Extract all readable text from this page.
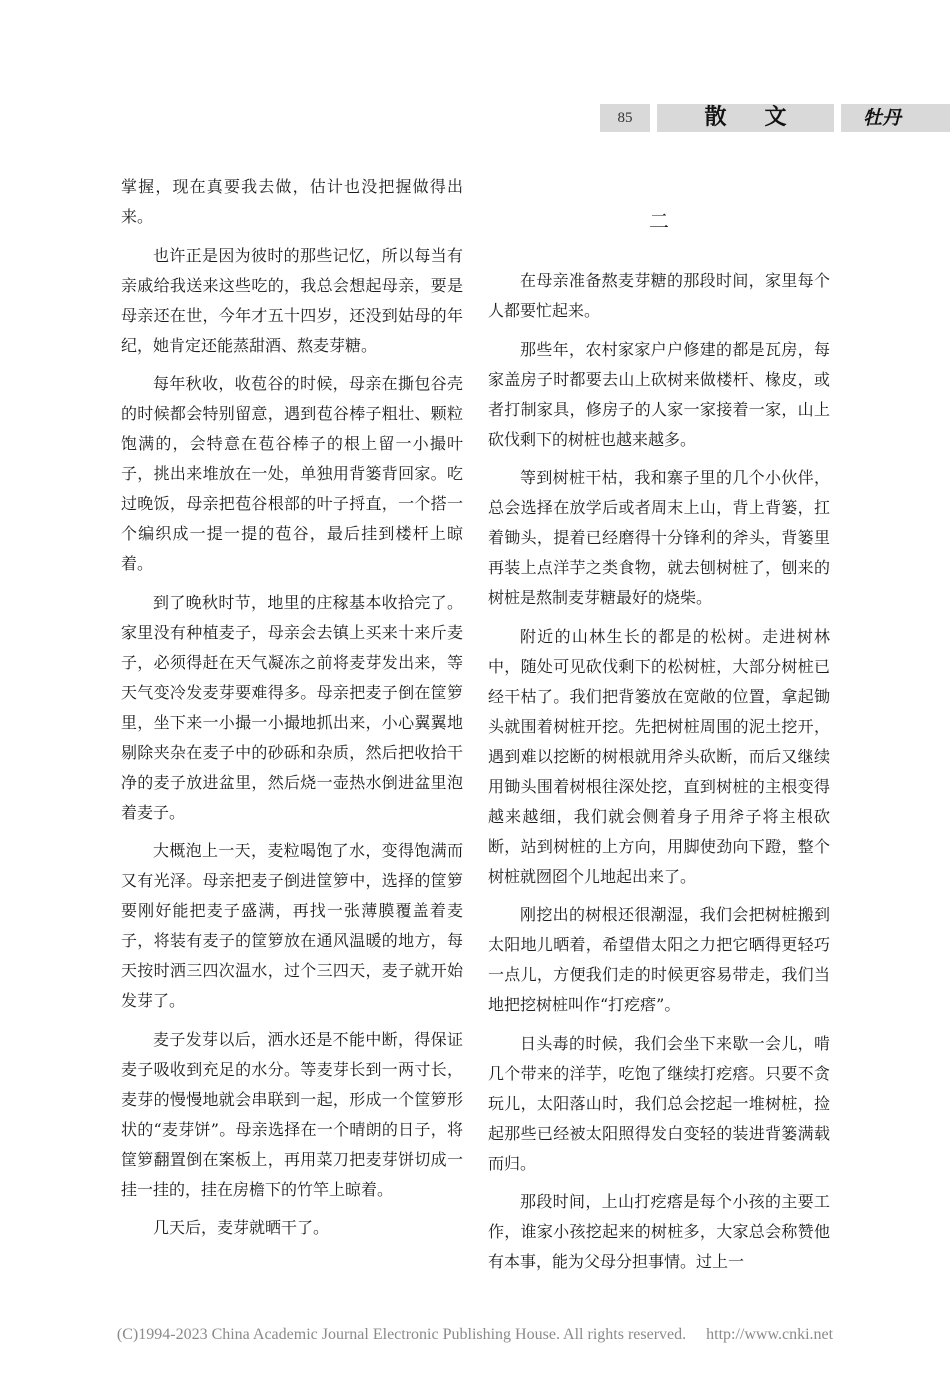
85	散文	牡丹

掌握，现在真要我去做，估计也没把握做得出来。

也许正是因为彼时的那些记忆，所以每当有亲戚给我送来这些吃的，我总会想起母亲，要是母亲还在世，今年才五十四岁，还没到姑母的年纪，她肯定还能蒸甜酒、熬麦芽糖。

每年秋收，收苞谷的时候，母亲在撕包谷壳的时候都会特别留意，遇到苞谷棒子粗壮、颗粒饱满的，会特意在苞谷棒子的根上留一小撮叶子，挑出来堆放在一处，单独用背篓背回家。吃过晚饭，母亲把苞谷根部的叶子捋直，一个搭一个编织成一提一提的苞谷，最后挂到楼杆上晾着。

到了晚秋时节，地里的庄稼基本收拾完了。家里没有种植麦子，母亲会去镇上买来十来斤麦子，必须得赶在天气凝冻之前将麦芽发出来，等天气变冷发麦芽要难得多。母亲把麦子倒在筐箩里，坐下来一小撮一小撮地抓出来，小心翼翼地剔除夹杂在麦子中的砂砾和杂质，然后把收拾干净的麦子放进盆里，然后烧一壶热水倒进盆里泡着麦子。

大概泡上一天，麦粒喝饱了水，变得饱满而又有光泽。母亲把麦子倒进筐箩中，选择的筐箩要刚好能把麦子盛满，再找一张薄膜覆盖着麦子，将装有麦子的筐箩放在通风温暖的地方，每天按时洒三四次温水，过个三四天，麦子就开始发芽了。

麦子发芽以后，洒水还是不能中断，得保证麦子吸收到充足的水分。等麦芽长到一两寸长，麦芽的慢慢地就会串联到一起，形成一个筐箩形状的“麦芽饼”。母亲选择在一个晴朗的日子，将筐箩翻置倒在案板上，再用菜刀把麦芽饼切成一挂一挂的，挂在房檐下的竹竿上晾着。

几天后，麦芽就晒干了。

二

在母亲准备熬麦芽糖的那段时间，家里每个人都要忙起来。

那些年，农村家家户户修建的都是瓦房，每家盖房子时都要去山上砍树来做楼杆、椽皮，或者打制家具，修房子的人家一家接着一家，山上砍伐剩下的树桩也越来越多。

等到树桩干枯，我和寨子里的几个小伙伴，总会选择在放学后或者周末上山，背上背篓，扛着锄头，提着已经磨得十分锋利的斧头，背篓里再装上点洋芋之类食物，就去刨树桩了，刨来的树桩是熬制麦芽糖最好的烧柴。

附近的山林生长的都是的松树。走进树林中，随处可见砍伐剩下的松树桩，大部分树桩已经干枯了。我们把背篓放在宽敞的位置，拿起锄头就围着树桩开挖。先把树桩周围的泥土挖开，遇到难以挖断的树根就用斧头砍断，而后又继续用锄头围着树根往深处挖，直到树桩的主根变得越来越细，我们就会侧着身子用斧子将主根砍断，站到树桩的上方向，用脚使劲向下蹬，整个树桩就囫囵个儿地起出来了。

刚挖出的树根还很潮湿，我们会把树桩搬到太阳地儿晒着，希望借太阳之力把它晒得更轻巧一点儿，方便我们走的时候更容易带走，我们当地把挖树桩叫作“打疙瘩”。

日头毒的时候，我们会坐下来歇一会儿，啃几个带来的洋芋，吃饱了继续打疙瘩。只要不贪玩儿，太阳落山时，我们总会挖起一堆树桩，捡起那些已经被太阳照得发白变轻的装进背篓满载而归。

那段时间，上山打疙瘩是每个小孩的主要工作，谁家小孩挖起来的树桩多，大家总会称赞他有本事，能为父母分担事情。过上一

(C)1994-2023 China Academic Journal Electronic Publishing House. All rights reserved. http://www.cnki.net
